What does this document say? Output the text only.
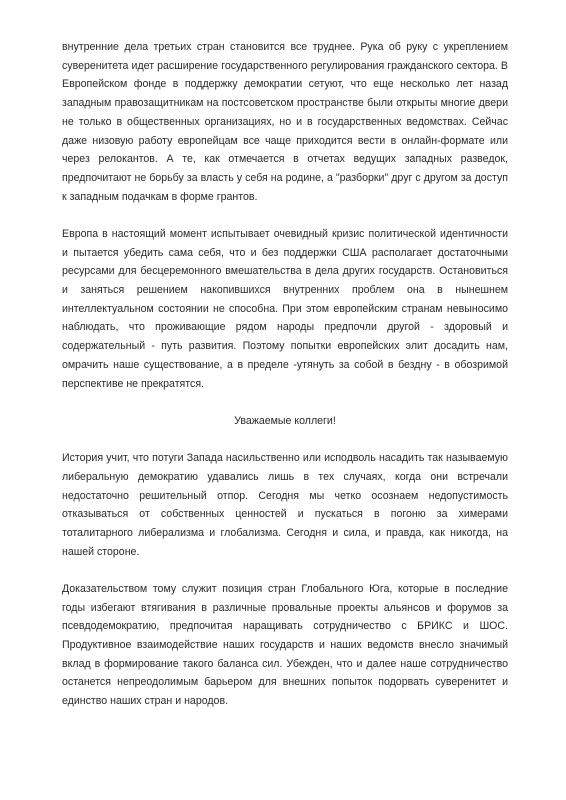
внутренние дела третьих стран становится все труднее. Рука об руку с укреплением суверенитета идет расширение государственного регулирования гражданского сектора. В Европейском фонде в поддержку демократии сетуют, что еще несколько лет назад западным правозащитникам на постсоветском пространстве были открыты многие двери не только в общественных организациях, но и в государственных ведомствах. Сейчас даже низовую работу европейцам все чаще приходится вести в онлайн-формате или через релокантов. А те, как отмечается в отчетах ведущих западных разведок, предпочитают не борьбу за власть у себя на родине, а "разборки" друг с другом за доступ к западным подачкам в форме грантов.

Европа в настоящий момент испытывает очевидный кризис политической идентичности и пытается убедить сама себя, что и без поддержки США располагает достаточными ресурсами для бесцеремонного вмешательства в дела других государств. Остановиться и заняться решением накопившихся внутренних проблем она в нынешнем интеллектуальном состоянии не способна. При этом европейским странам невыносимо наблюдать, что проживающие рядом народы предпочли другой - здоровый и содержательный - путь развития. Поэтому попытки европейских элит досадить нам, омрачить наше существование, а в пределе -утянуть за собой в бездну - в обозримой перспективе не прекратятся.

Уважаемые коллеги!

История учит, что потуги Запада насильственно или исподволь насадить так называемую либеральную демократию удавались лишь в тех случаях, когда они встречали недостаточно решительный отпор. Сегодня мы четко осознаем недопустимость отказываться от собственных ценностей и пускаться в погоню за химерами тоталитарного либерализма и глобализма. Сегодня и сила, и правда, как никогда, на нашей стороне.

Доказательством тому служит позиция стран Глобального Юга, которые в последние годы избегают втягивания в различные провальные проекты альянсов и форумов за псевдодемократию, предпочитая наращивать сотрудничество с БРИКС и ШОС. Продуктивное взаимодействие наших государств и наших ведомств внесло значимый вклад в формирование такого баланса сил. Убежден, что и далее наше сотрудничество останется непреодолимым барьером для внешних попыток подорвать суверенитет и единство наших стран и народов.
